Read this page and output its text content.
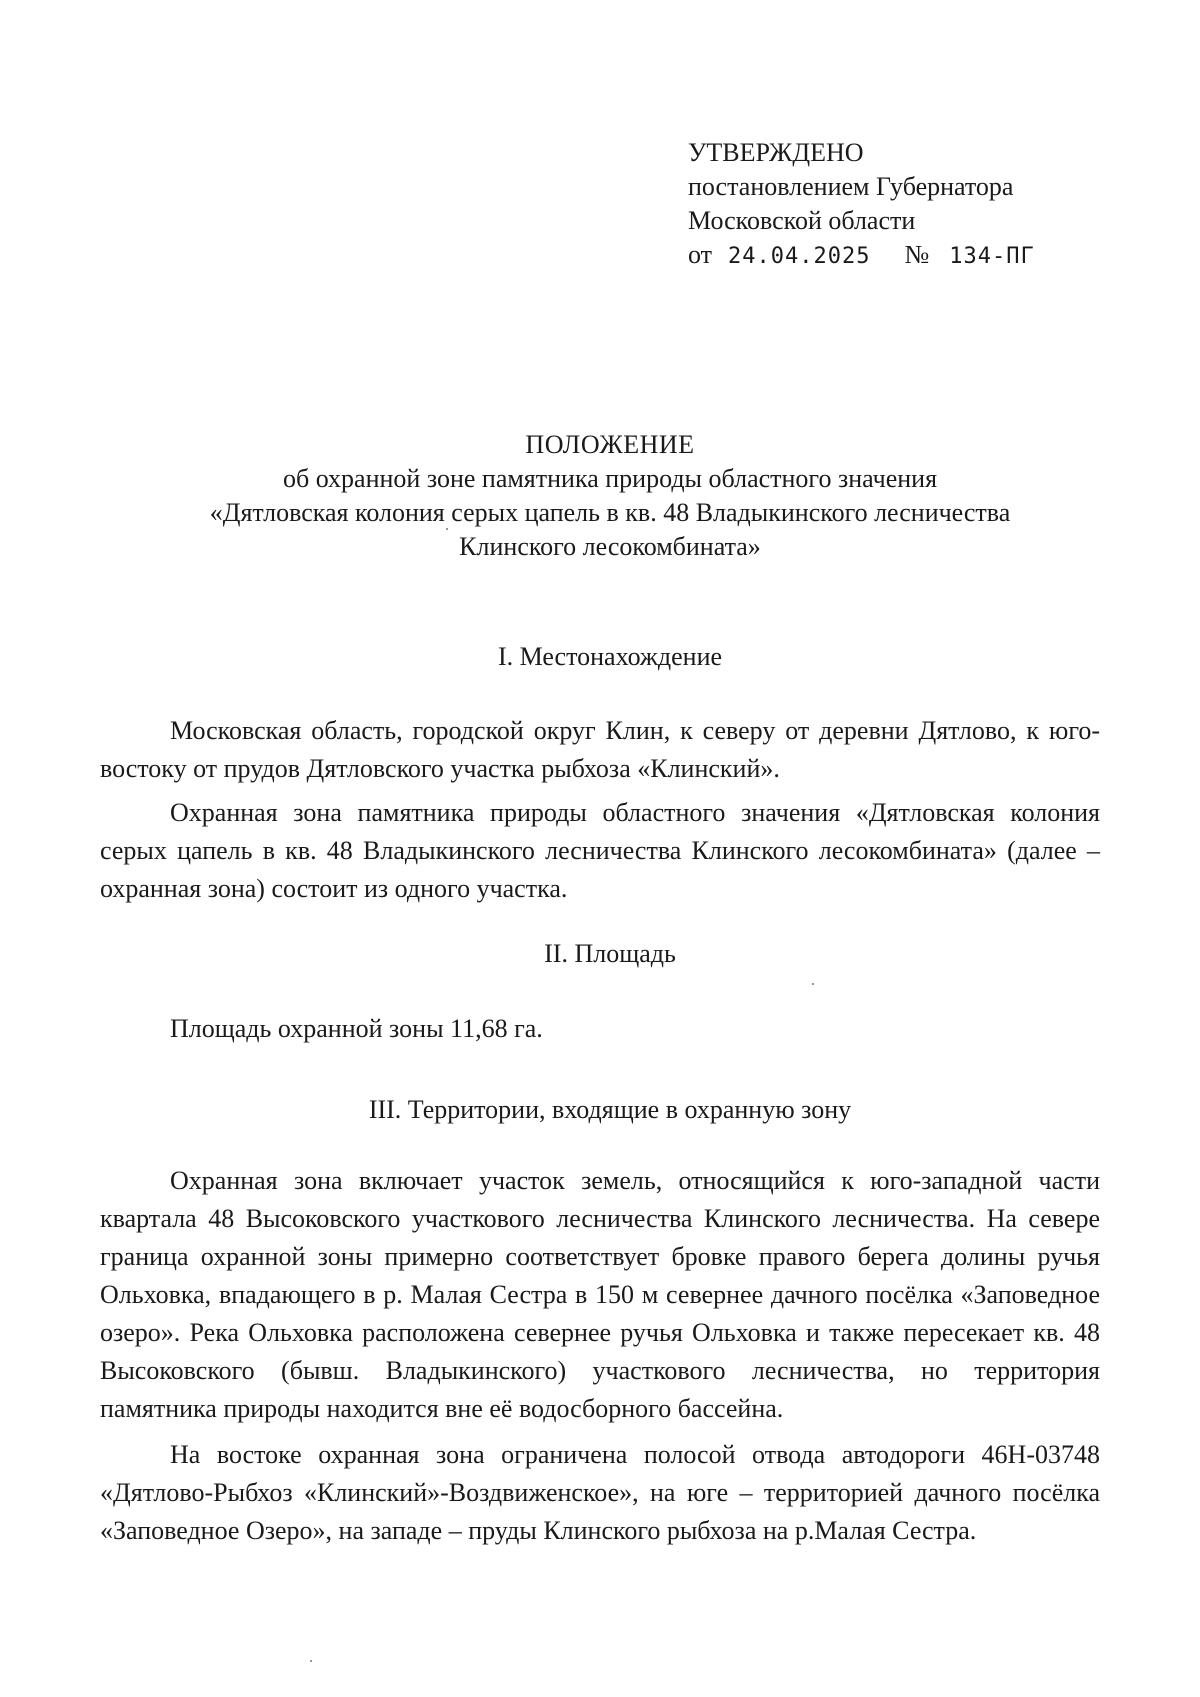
УТВЕРЖДЕНО
постановлением Губернатора
Московской области
от 24.04.2025 № 134-ПГ
ПОЛОЖЕНИЕ
об охранной зоне памятника природы областного значения
«Дятловская колония серых цапель в кв. 48 Владыкинского лесничества
Клинского лесокомбината»
I. Местонахождение

Московская область, городской округ Клин, к северу от деревни Дятлово, к юго-востоку от прудов Дятловского участка рыбхоза «Клинский».

Охранная зона памятника природы областного значения «Дятловская колония серых цапель в кв. 48 Владыкинского лесничества Клинского лесокомбината» (далее – охранная зона) состоит из одного участка.

II. Площадь

Площадь охранной зоны 11,68 га.

III. Территории, входящие в охранную зону

Охранная зона включает участок земель, относящийся к юго-западной части квартала 48 Высоковского участкового лесничества Клинского лесничества. На севере граница охранной зоны примерно соответствует бровке правого берега долины ручья Ольховка, впадающего в р. Малая Сестра в 150 м севернее дачного посёлка «Заповедное озеро». Река Ольховка расположена севернее ручья Ольховка и также пересекает кв. 48 Высоковского (бывш. Владыкинского) участкового лесничества, но территория памятника природы находится вне её водосборного бассейна.

На востоке охранная зона ограничена полосой отвода автодороги 46Н-03748 «Дятлово-Рыбхоз «Клинский»-Воздвиженское», на юге – территорией дачного посёлка «Заповедное Озеро», на западе – пруды Клинского рыбхоза на р.Малая Сестра.
